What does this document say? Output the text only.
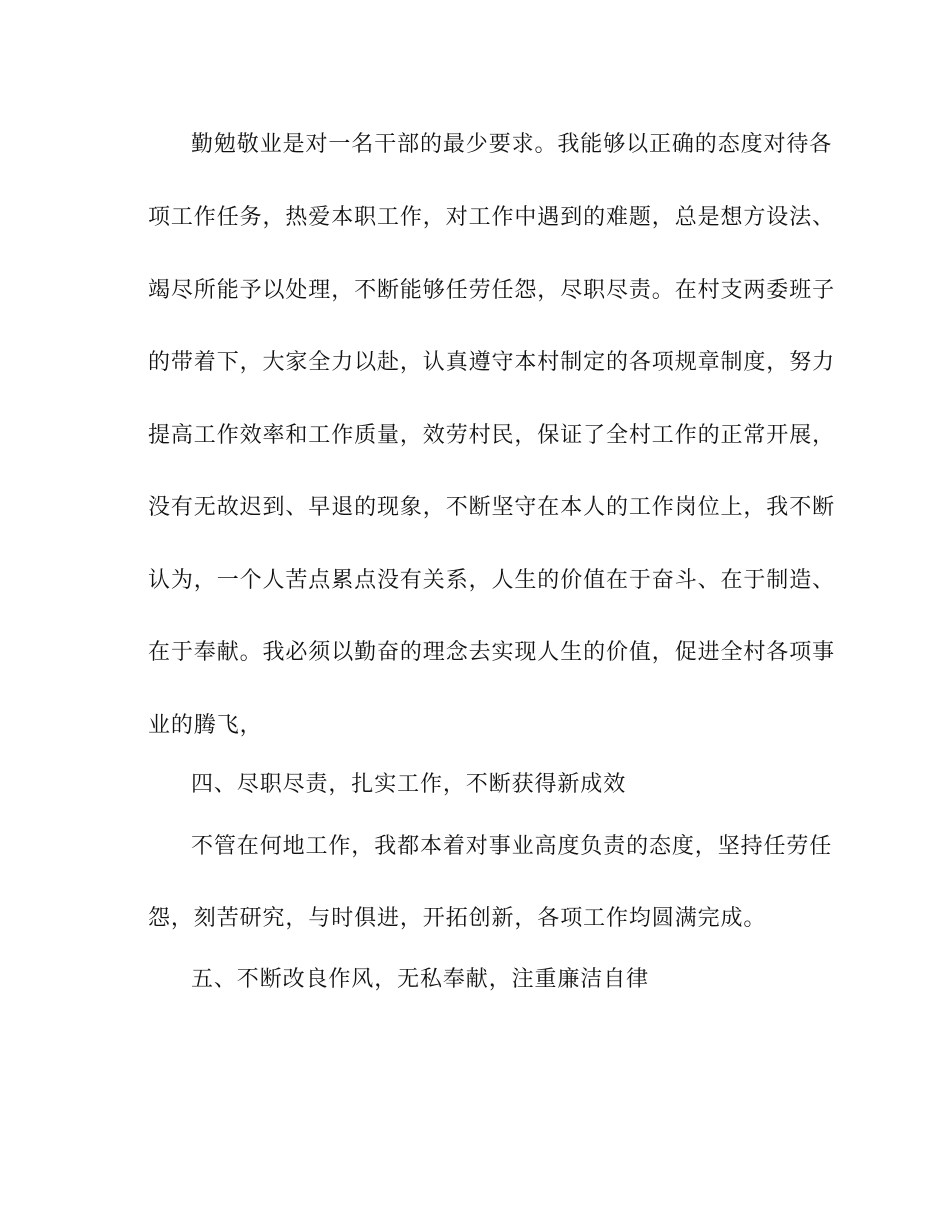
勤勉敬业是对一名干部的最少要求。我能够以正确的态度对待各
项工作任务，热爱本职工作，对工作中遇到的难题，总是想方设法、
竭尽所能予以处理，不断能够任劳任怨，尽职尽责。在村支两委班子
的带着下，大家全力以赴，认真遵守本村制定的各项规章制度，努力
提高工作效率和工作质量，效劳村民，保证了全村工作的正常开展，
没有无故迟到、早退的现象，不断坚守在本人的工作岗位上，我不断
认为，一个人苦点累点没有关系，人生的价值在于奋斗、在于制造、
在于奉献。我必须以勤奋的理念去实现人生的价值，促进全村各项事
业的腾飞，
四、尽职尽责，扎实工作，不断获得新成效
不管在何地工作，我都本着对事业高度负责的态度，坚持任劳任
怨，刻苦研究，与时俱进，开拓创新，各项工作均圆满完成。
五、不断改良作风，无私奉献，注重廉洁自律
